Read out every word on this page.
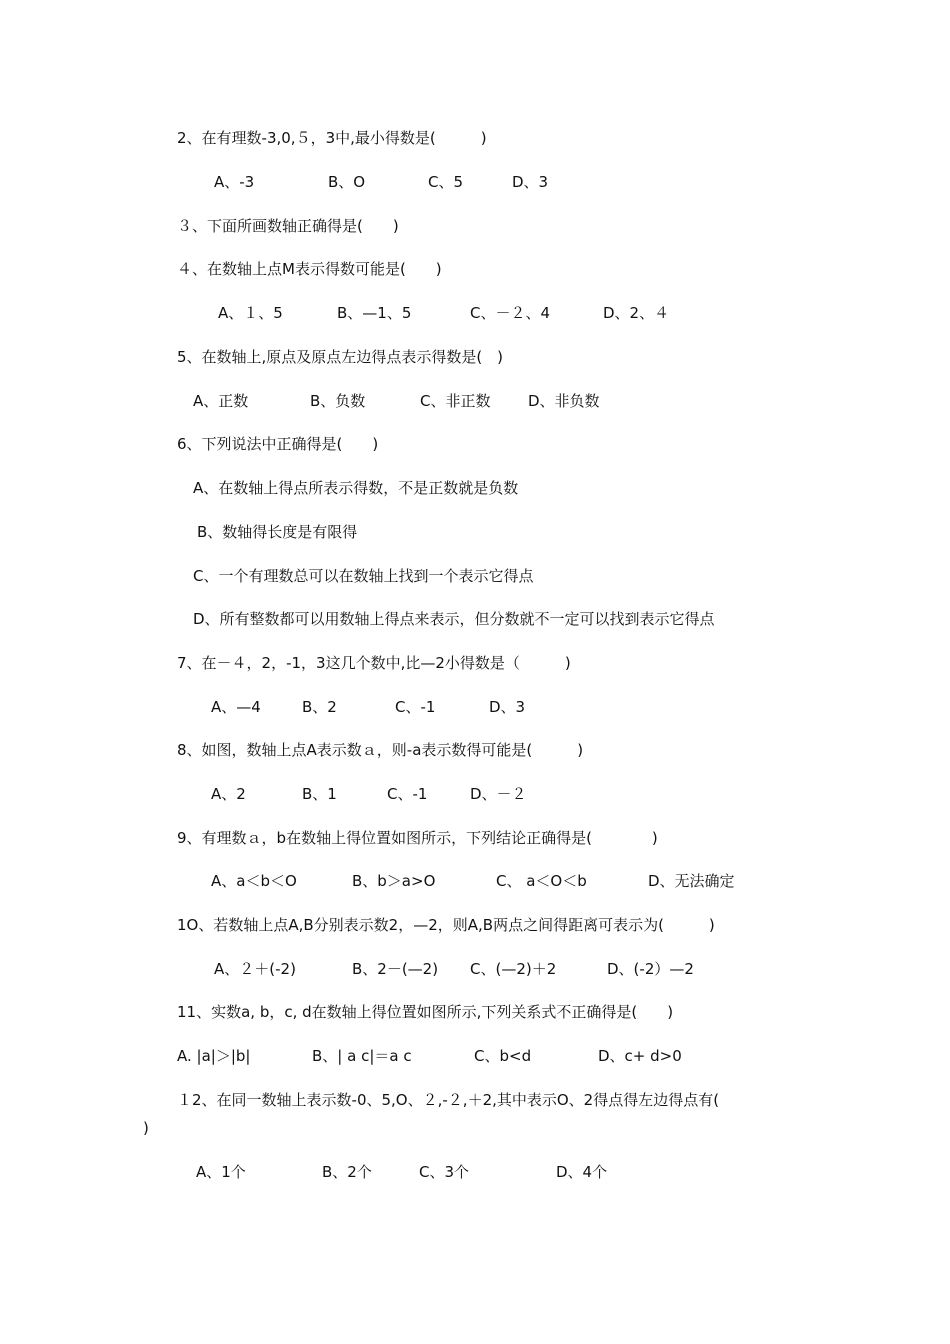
2、在有理数-3,0,５，3中,最小得数是(　　　)
A、-3	B、O	C、5	D、3
３、下面所画数轴正确得是(　　)
４、在数轴上点M表示得数可能是(　　)
A、１、5	B、—1、5	C、－２、4	D、2、４
5、在数轴上,原点及原点左边得点表示得数是(　)
A、正数	B、负数	C、非正数	D、非负数
6、下列说法中正确得是(　　)
A、在数轴上得点所表示得数，不是正数就是负数
B、数轴得长度是有限得
C、一个有理数总可以在数轴上找到一个表示它得点
D、所有整数都可以用数轴上得点来表示，但分数就不一定可以找到表示它得点
7、在－４，2，-1，3这几个数中,比—2小得数是（　　　)
A、—4	B、2	C、-1	D、3
8、如图，数轴上点A表示数ａ，则-a表示数得可能是(　　　)
A、2	B、1	C、-1	D、－２
9、有理数ａ，b在数轴上得位置如图所示，下列结论正确得是(　　　　)
A、a＜b＜O	B、b＞a>O	C、 a＜O＜b	D、无法确定
1O、若数轴上点A,B分别表示数2，—2，则A,B两点之间得距离可表示为(　　　)
A、２＋(-2)	B、2－(—2) C、(—2)＋2	D、(-2）—2
11、实数a, b，c, d在数轴上得位置如图所示,下列关系式不正确得是(　　)
A. |a|＞|b|	B、| a c|＝a c	C、b<d	D、c+ d>0
１2、在同一数轴上表示数-0、5,O、２,-２,＋2,其中表示O、2得点得左边得点有(
)
A、1个	B、2个	C、3个	D、4个
